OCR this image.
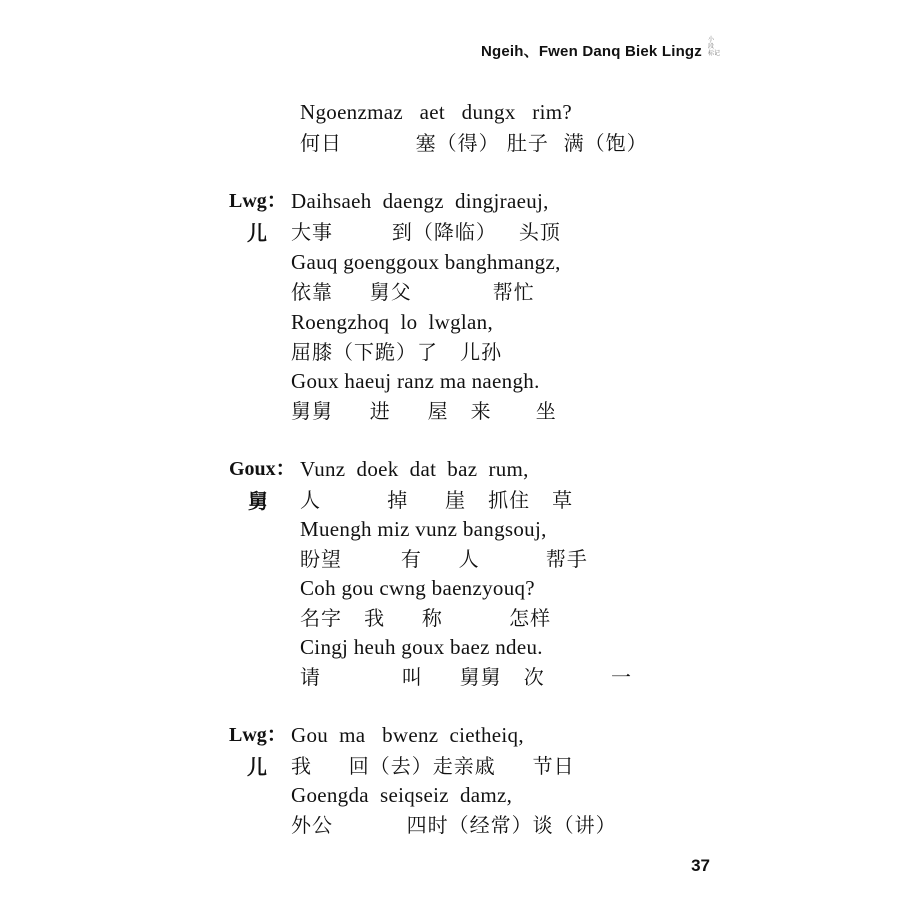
Ngeih、Fwen Danq Biek Lingz
小
段
标记
Ngoenzmaz   aet   dungx   rim?
何日          塞（得） 肚子  满（饱）
Lwg：
儿
Daihsaeh  daengz  dingjraeuj,
大事        到（降临）   头顶
Gauq goenggoux banghmangz,
依靠     舅父           帮忙
Roengzhoq  lo  lwglan,
屈膝（下跪）了   儿孙
Goux haeuj ranz ma naengh.
舅舅     进     屋   来      坐
Goux：
舅
Vunz  doek  dat  baz  rum,
人         掉     崖   抓住   草
Muengh miz vunz bangsouj,
盼望        有     人         帮手
Coh gou cwng baenzyouq?
名字   我     称         怎样
Cingj heuh goux baez ndeu.
请           叫     舅舅   次         一
Lwg：
儿
Gou  ma   bwenz  cietheiq,
我     回（去）走亲戚     节日
Goengda  seiqseiz  damz,
外公          四时（经常）谈（讲）
37
